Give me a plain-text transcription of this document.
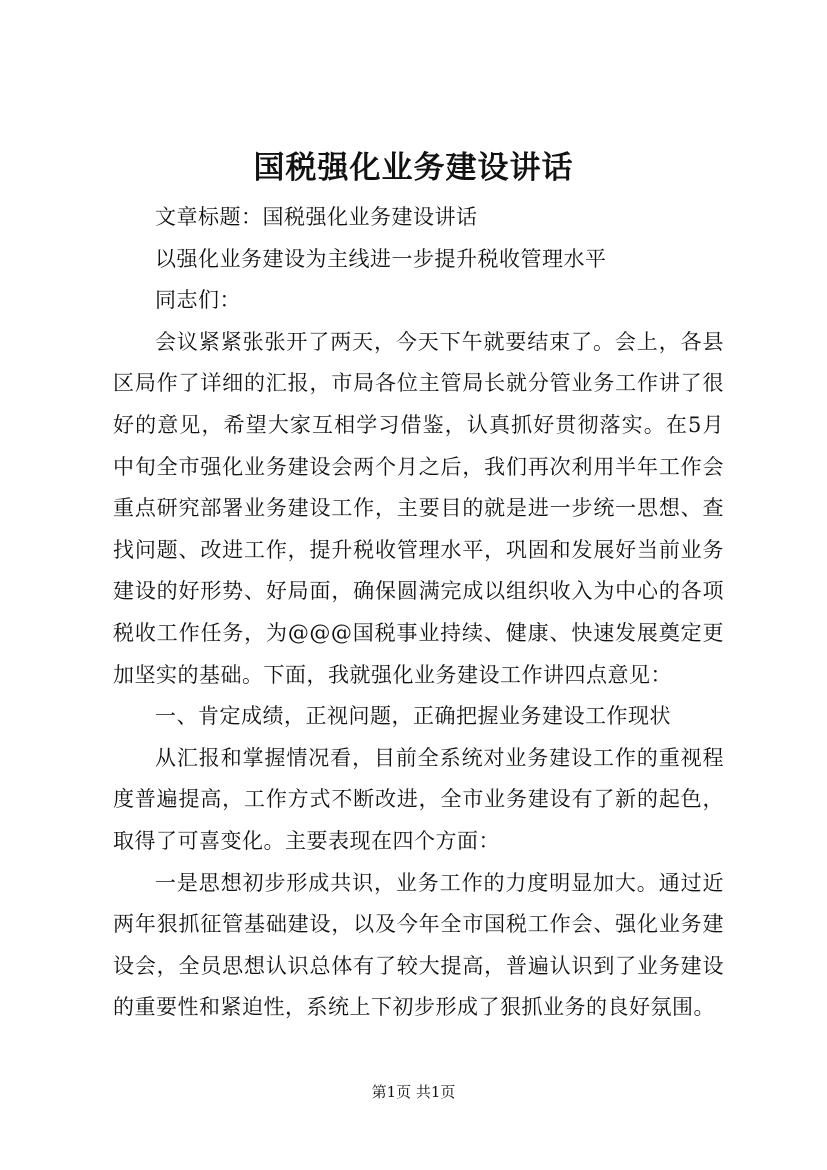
国税强化业务建设讲话

文章标题：国税强化业务建设讲话

以强化业务建设为主线进一步提升税收管理水平

同志们：

会议紧紧张张开了两天，今天下午就要结束了。会上，各县区局作了详细的汇报，市局各位主管局长就分管业务工作讲了很好的意见，希望大家互相学习借鉴，认真抓好贯彻落实。在5月中旬全市强化业务建设会两个月之后，我们再次利用半年工作会重点研究部署业务建设工作，主要目的就是进一步统一思想、查找问题、改进工作，提升税收管理水平，巩固和发展好当前业务建设的好形势、好局面，确保圆满完成以组织收入为中心的各项税收工作任务，为@@@国税事业持续、健康、快速发展奠定更加坚实的基础。下面，我就强化业务建设工作讲四点意见：

一、肯定成绩，正视问题，正确把握业务建设工作现状

从汇报和掌握情况看，目前全系统对业务建设工作的重视程度普遍提高，工作方式不断改进，全市业务建设有了新的起色，取得了可喜变化。主要表现在四个方面：

一是思想初步形成共识，业务工作的力度明显加大。通过近两年狠抓征管基础建设，以及今年全市国税工作会、强化业务建设会，全员思想认识总体有了较大提高，普遍认识到了业务建设的重要性和紧迫性，系统上下初步形成了狠抓业务的良好氛围。

第1页 共1页
